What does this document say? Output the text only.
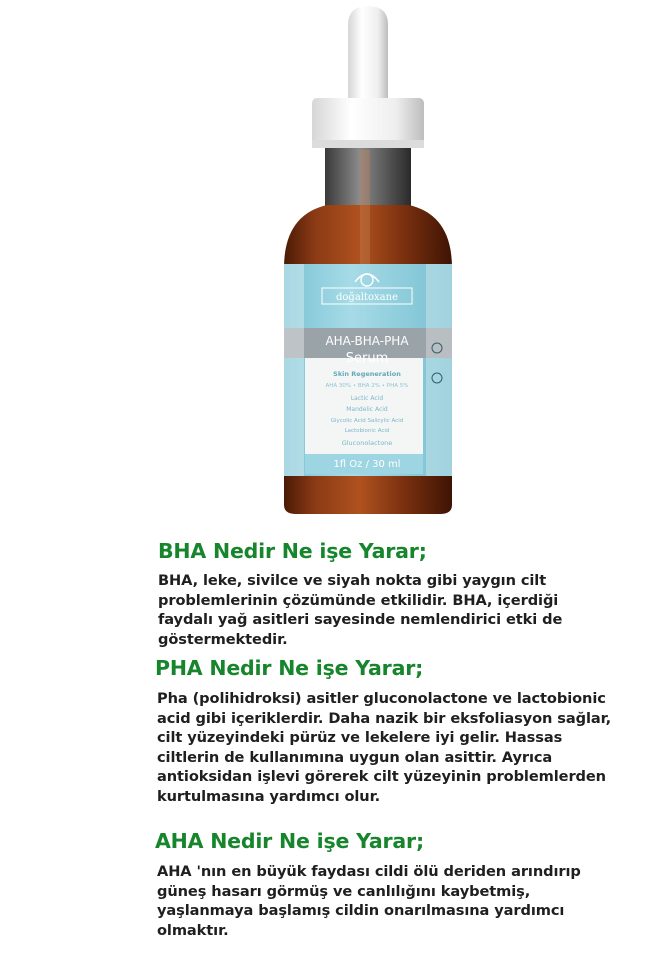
doğaltoxane
AHA-BHA-PHA
Serum
Skin Regeneration
AHA 30% • BHA 2% • PHA 5%
Lactic Acid
Mandelic Acid
Glycolic Acid Salicylic Acid
Lactobionic Acid
Gluconolactone
1fl Oz / 30 ml
BHA Nedir Ne işe Yarar;

BHA, leke, sivilce ve siyah nokta gibi yaygın cilt
problemlerinin çözümünde etkilidir. BHA, içerdiği
faydalı yağ asitleri sayesinde nemlendirici etki de
göstermektedir.

PHA Nedir Ne işe Yarar;

Pha (polihidroksi) asitler gluconolactone ve lactobionic
acid gibi içeriklerdir. Daha nazik bir eksfoliasyon sağlar,
cilt yüzeyindeki pürüz ve lekelere iyi gelir. Hassas
ciltlerin de kullanımına uygun olan asittir. Ayrıca
antioksidan işlevi görerek cilt yüzeyinin problemlerden
kurtulmasına yardımcı olur.

AHA Nedir Ne işe Yarar;

AHA 'nın en büyük faydası cildi ölü deriden arındırıp
güneş hasarı görmüş ve canlılığını kaybetmiş,
yaşlanmaya başlamış cildin onarılmasına yardımcı
olmaktır.
